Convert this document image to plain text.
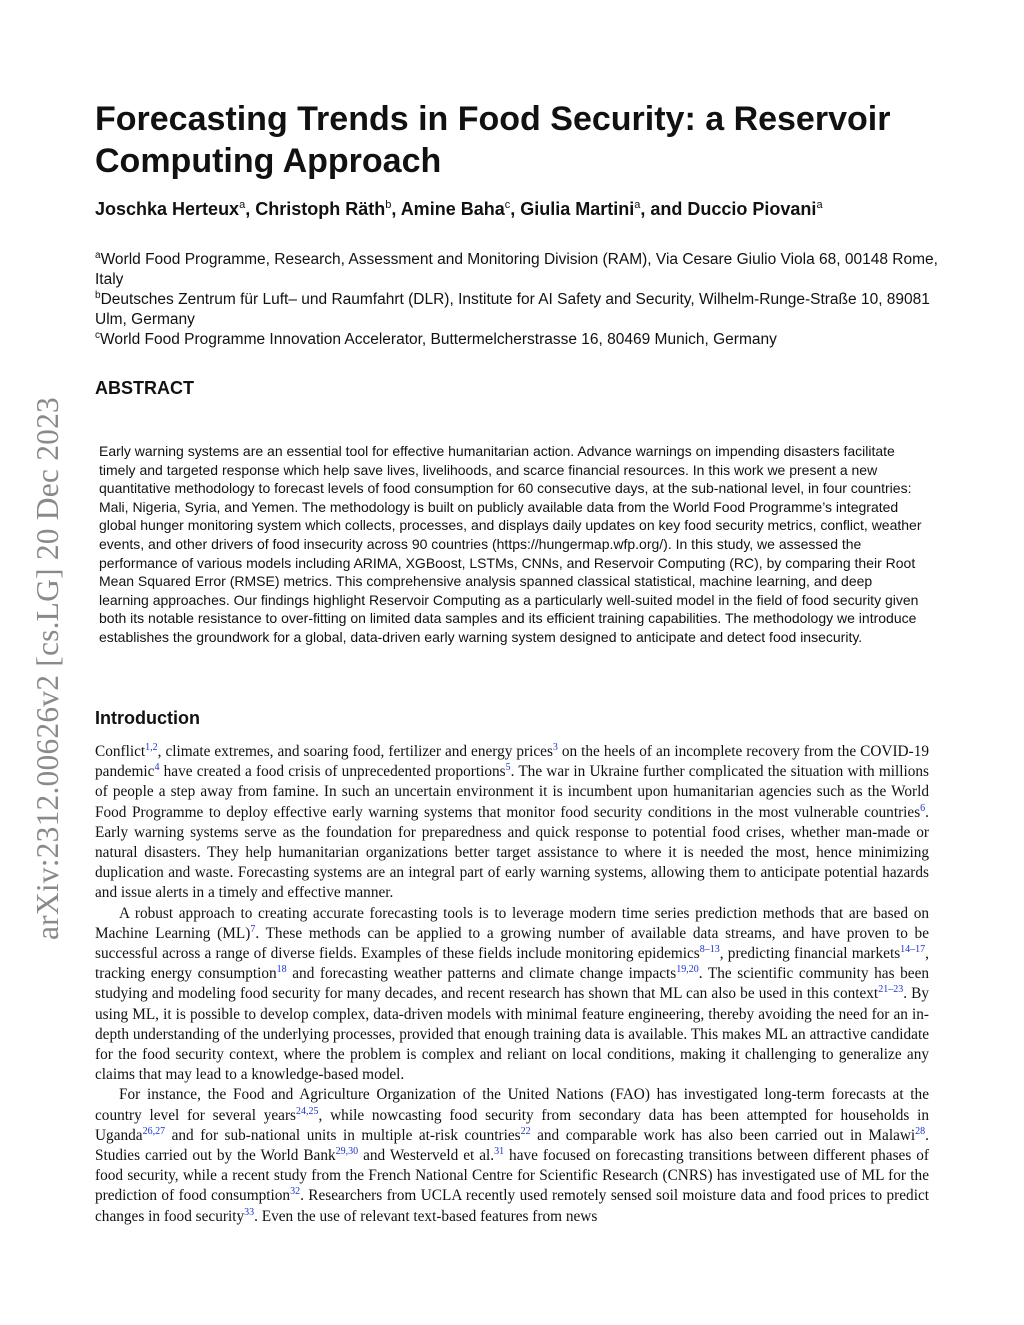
arXiv:2312.00626v2 [cs.LG] 20 Dec 2023
Forecasting Trends in Food Security: a Reservoir Computing Approach
Joschka Herteux$^a$, Christoph Räth$^b$, Amine Baha$^c$, Giulia Martini$^a$, and Duccio Piovani$^a$
$^a$World Food Programme, Research, Assessment and Monitoring Division (RAM), Via Cesare Giulio Viola 68, 00148 Rome, Italy
$^b$Deutsches Zentrum für Luft– und Raumfahrt (DLR), Institute for AI Safety and Security, Wilhelm-Runge-Straße 10, 89081 Ulm, Germany
$^c$World Food Programme Innovation Accelerator, Buttermelcherstrasse 16, 80469 Munich, Germany
ABSTRACT

Early warning systems are an essential tool for effective humanitarian action. Advance warnings on impending disasters facilitate timely and targeted response which help save lives, livelihoods, and scarce financial resources. In this work we present a new quantitative methodology to forecast levels of food consumption for 60 consecutive days, at the sub-national level, in four countries: Mali, Nigeria, Syria, and Yemen. The methodology is built on publicly available data from the World Food Programme’s integrated global hunger monitoring system which collects, processes, and displays daily updates on key food security metrics, conflict, weather events, and other drivers of food insecurity across 90 countries (https://hungermap.wfp.org/). In this study, we assessed the performance of various models including ARIMA, XGBoost, LSTMs, CNNs, and Reservoir Computing (RC), by comparing their Root Mean Squared Error (RMSE) metrics. This comprehensive analysis spanned classical statistical, machine learning, and deep learning approaches. Our findings highlight Reservoir Computing as a particularly well-suited model in the field of food security given both its notable resistance to over-fitting on limited data samples and its efficient training capabilities. The methodology we introduce establishes the groundwork for a global, data-driven early warning system designed to anticipate and detect food insecurity.

Introduction

Conflict$^{1,2}$, climate extremes, and soaring food, fertilizer and energy prices$^3$ on the heels of an incomplete recovery from the COVID-19 pandemic$^4$ have created a food crisis of unprecedented proportions$^5$. The war in Ukraine further complicated the situation with millions of people a step away from famine. In such an uncertain environment it is incumbent upon humanitarian agencies such as the World Food Programme to deploy effective early warning systems that monitor food security conditions in the most vulnerable countries$^6$. Early warning systems serve as the foundation for preparedness and quick response to potential food crises, whether man-made or natural disasters. They help humanitarian organizations better target assistance to where it is needed the most, hence minimizing duplication and waste. Forecasting systems are an integral part of early warning systems, allowing them to anticipate potential hazards and issue alerts in a timely and effective manner.

A robust approach to creating accurate forecasting tools is to leverage modern time series prediction methods that are based on Machine Learning (ML)$^7$. These methods can be applied to a growing number of available data streams, and have proven to be successful across a range of diverse fields. Examples of these fields include monitoring epidemics$^{8-13}$, predicting financial markets$^{14-17}$, tracking energy consumption$^{18}$ and forecasting weather patterns and climate change impacts$^{19,20}$. The scientific community has been studying and modeling food security for many decades, and recent research has shown that ML can also be used in this context$^{21-23}$. By using ML, it is possible to develop complex, data-driven models with minimal feature engineering, thereby avoiding the need for an in-depth understanding of the underlying processes, provided that enough training data is available. This makes ML an attractive candidate for the food security context, where the problem is complex and reliant on local conditions, making it challenging to generalize any claims that may lead to a knowledge-based model.

For instance, the Food and Agriculture Organization of the United Nations (FAO) has investigated long-term forecasts at the country level for several years$^{24,25}$, while nowcasting food security from secondary data has been attempted for households in Uganda$^{26,27}$ and for sub-national units in multiple at-risk countries$^{22}$ and comparable work has also been carried out in Malawi$^{28}$. Studies carried out by the World Bank$^{29,30}$ and Westerveld et al.$^{31}$ have focused on forecasting transitions between different phases of food security, while a recent study from the French National Centre for Scientific Research (CNRS) has investigated use of ML for the prediction of food consumption$^{32}$. Researchers from UCLA recently used remotely sensed soil moisture data and food prices to predict changes in food security$^{33}$. Even the use of relevant text-based features from news
